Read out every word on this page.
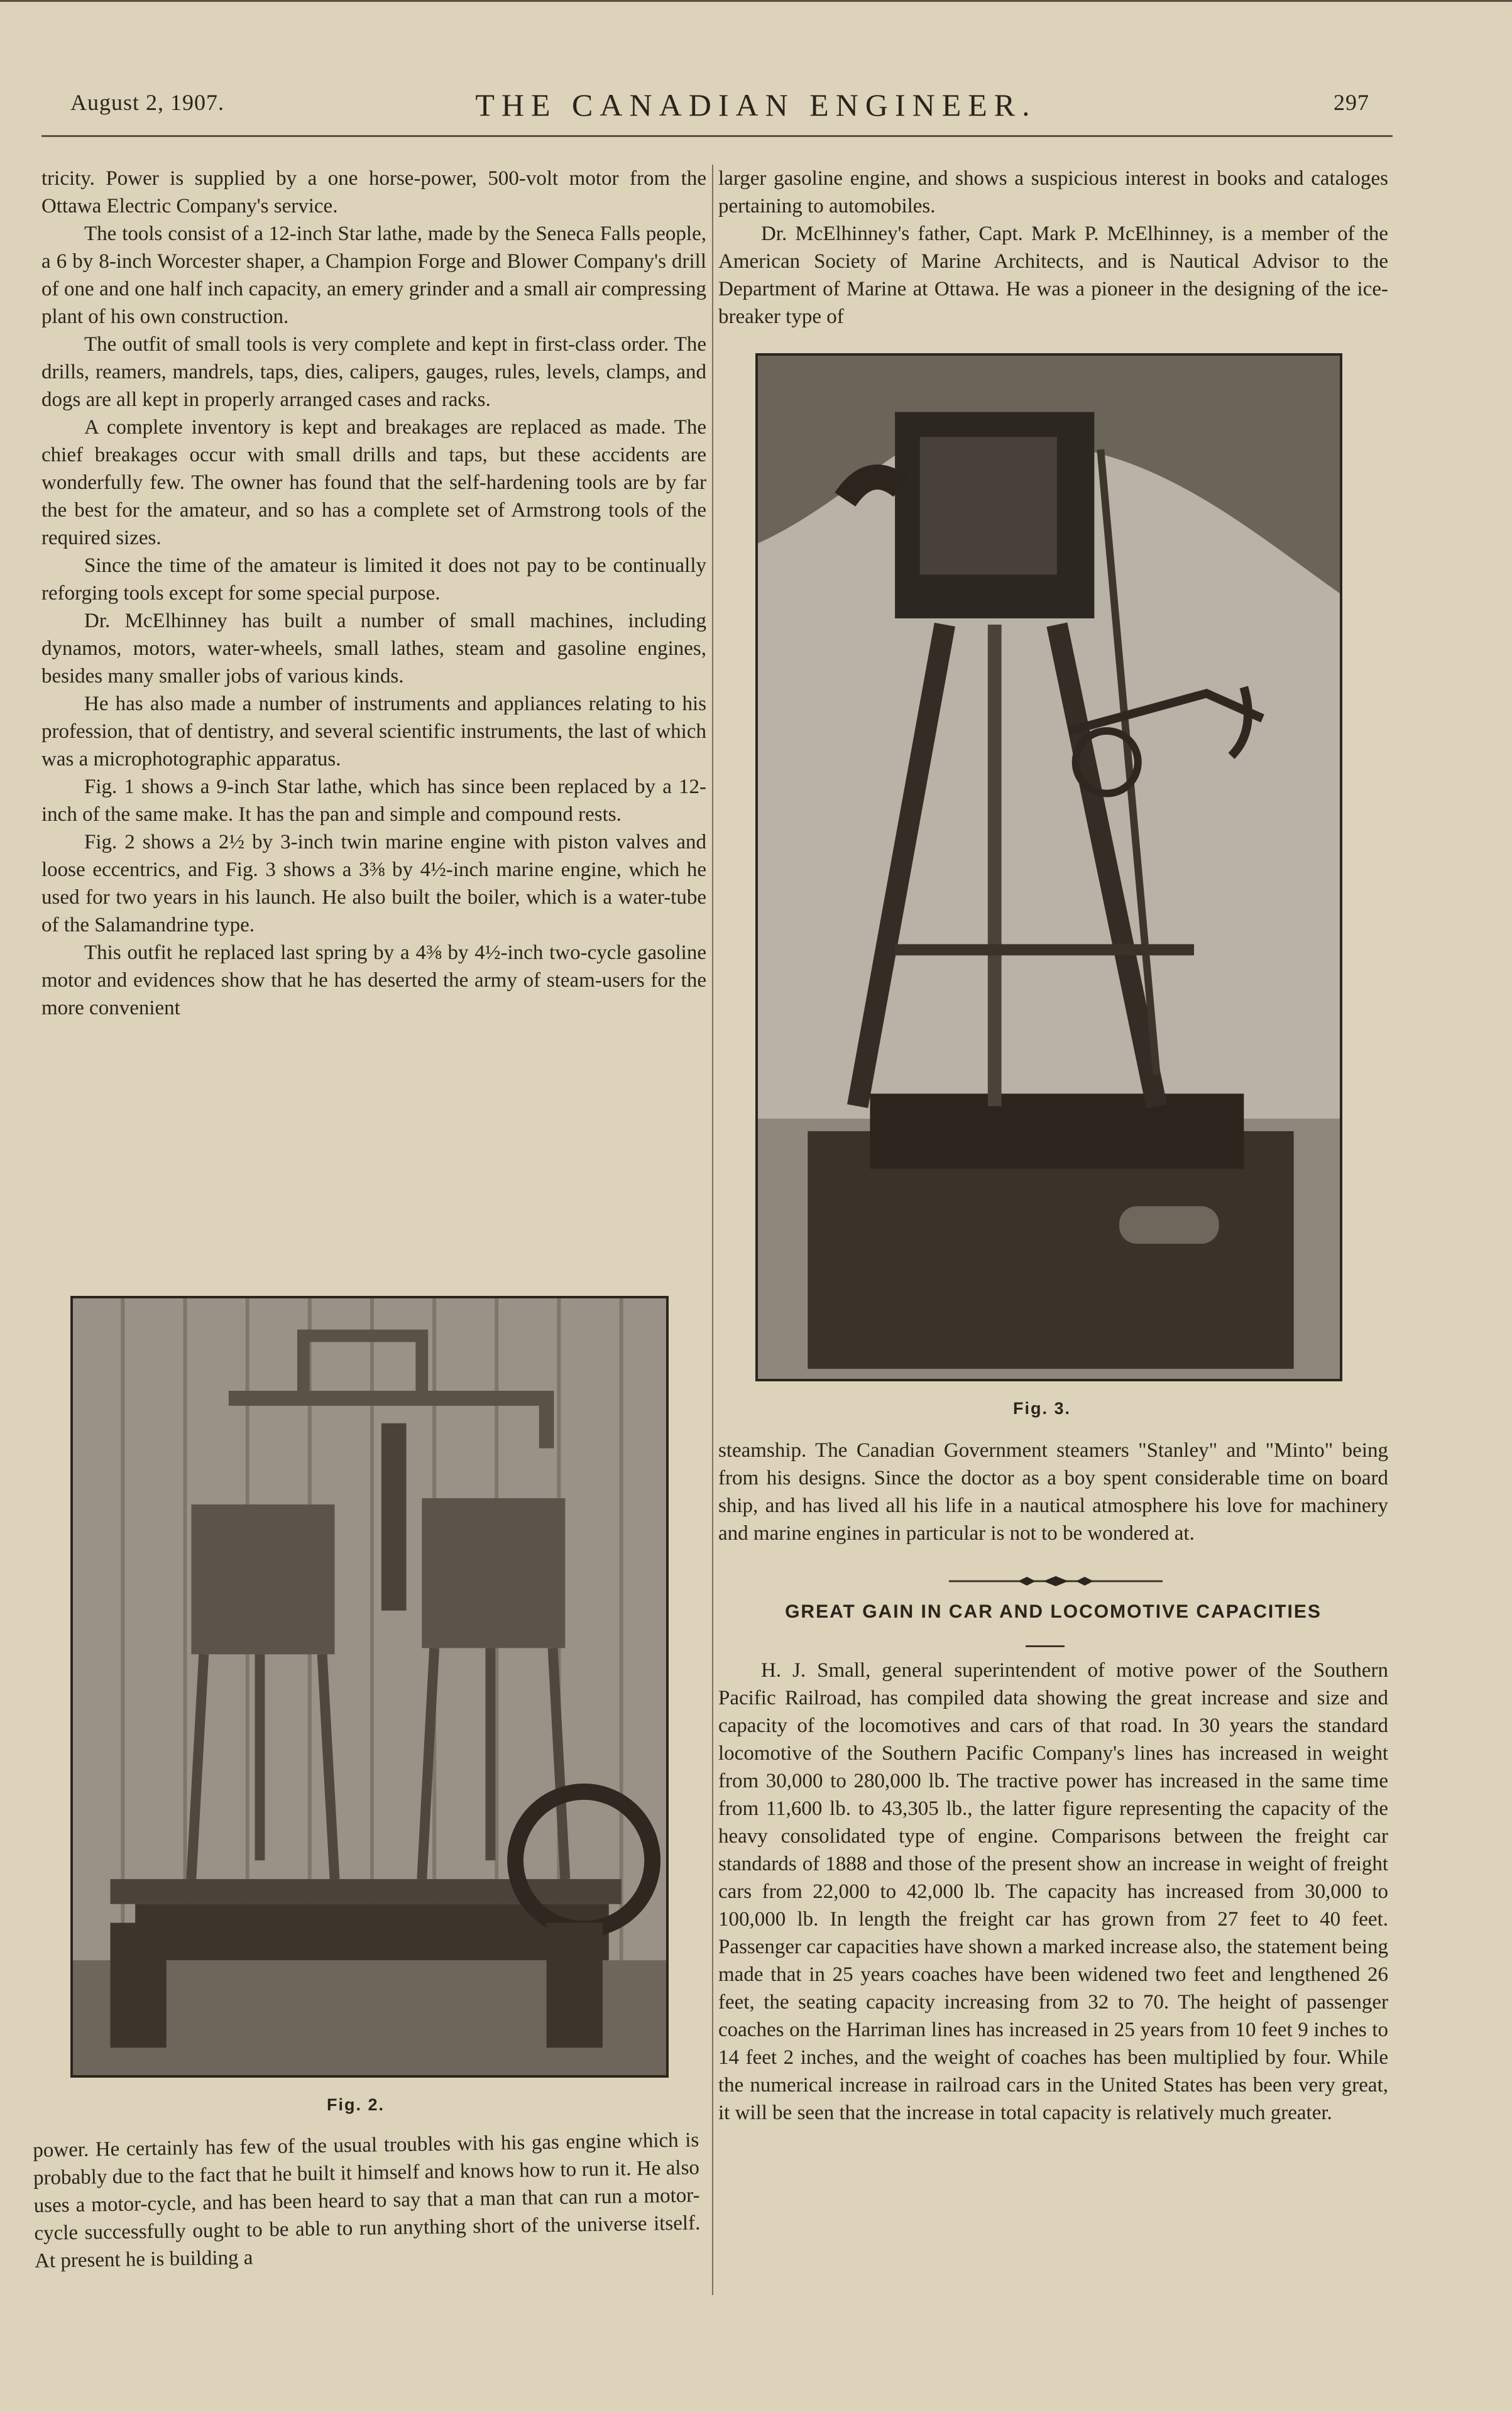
August 2, 1907.	THE CANADIAN ENGINEER.	297

tricity. Power is supplied by a one horse-power, 500-volt motor from the Ottawa Electric Company's service.

The tools consist of a 12-inch Star lathe, made by the Seneca Falls people, a 6 by 8-inch Worcester shaper, a Champion Forge and Blower Company's drill of one and one half inch capacity, an emery grinder and a small air compressing plant of his own construction.

The outfit of small tools is very complete and kept in first-class order. The drills, reamers, mandrels, taps, dies, calipers, gauges, rules, levels, clamps, and dogs are all kept in properly arranged cases and racks.

A complete inventory is kept and breakages are replaced as made. The chief breakages occur with small drills and taps, but these accidents are wonderfully few. The owner has found that the self-hardening tools are by far the best for the amateur, and so has a complete set of Armstrong tools of the required sizes.

Since the time of the amateur is limited it does not pay to be continually reforging tools except for some special purpose.

Dr. McElhinney has built a number of small machines, including dynamos, motors, water-wheels, small lathes, steam and gasoline engines, besides many smaller jobs of various kinds.

He has also made a number of instruments and appliances relating to his profession, that of dentistry, and several scientific instruments, the last of which was a microphotographic apparatus.

Fig. 1 shows a 9-inch Star lathe, which has since been replaced by a 12-inch of the same make. It has the pan and simple and compound rests.

Fig. 2 shows a 2½ by 3-inch twin marine engine with piston valves and loose eccentrics, and Fig. 3 shows a 3⅜ by 4½-inch marine engine, which he used for two years in his launch. He also built the boiler, which is a water-tube of the Salamandrine type.

This outfit he replaced last spring by a 4⅜ by 4½-inch two-cycle gasoline motor and evidences show that he has deserted the army of steam-users for the more convenient

larger gasoline engine, and shows a suspicious interest in books and cataloges pertaining to automobiles.

Dr. McElhinney's father, Capt. Mark P. McElhinney, is a member of the American Society of Marine Architects, and is Nautical Advisor to the Department of Marine at Ottawa. He was a pioneer in the designing of the ice-breaker type of

Fig. 3.

steamship. The Canadian Government steamers "Stanley" and "Minto" being from his designs. Since the doctor as a boy spent considerable time on board ship, and has lived all his life in a nautical atmosphere his love for machinery and marine engines in particular is not to be wondered at.

GREAT GAIN IN CAR AND LOCOMOTIVE CAPACITIES

H. J. Small, general superintendent of motive power of the Southern Pacific Railroad, has compiled data showing the great increase and size and capacity of the locomotives and cars of that road. In 30 years the standard locomotive of the Southern Pacific Company's lines has increased in weight from 30,000 to 280,000 lb. The tractive power has increased in the same time from 11,600 lb. to 43,305 lb., the latter figure representing the capacity of the heavy consolidated type of engine. Comparisons between the freight car standards of 1888 and those of the present show an increase in weight of freight cars from 22,000 to 42,000 lb. The capacity has increased from 30,000 to 100,000 lb. In length the freight car has grown from 27 feet to 40 feet. Passenger car capacities have shown a marked increase also, the statement being made that in 25 years coaches have been widened two feet and lengthened 26 feet, the seating capacity increasing from 32 to 70. The height of passenger coaches on the Harriman lines has increased in 25 years from 10 feet 9 inches to 14 feet 2 inches, and the weight of coaches has been multiplied by four. While the numerical increase in railroad cars in the United States has been very great, it will be seen that the increase in total capacity is relatively much greater.

Fig. 2.

power. He certainly has few of the usual troubles with his gas engine which is probably due to the fact that he built it himself and knows how to run it. He also uses a motor-cycle, and has been heard to say that a man that can run a motor-cycle successfully ought to be able to run anything short of the universe itself. At present he is building a
